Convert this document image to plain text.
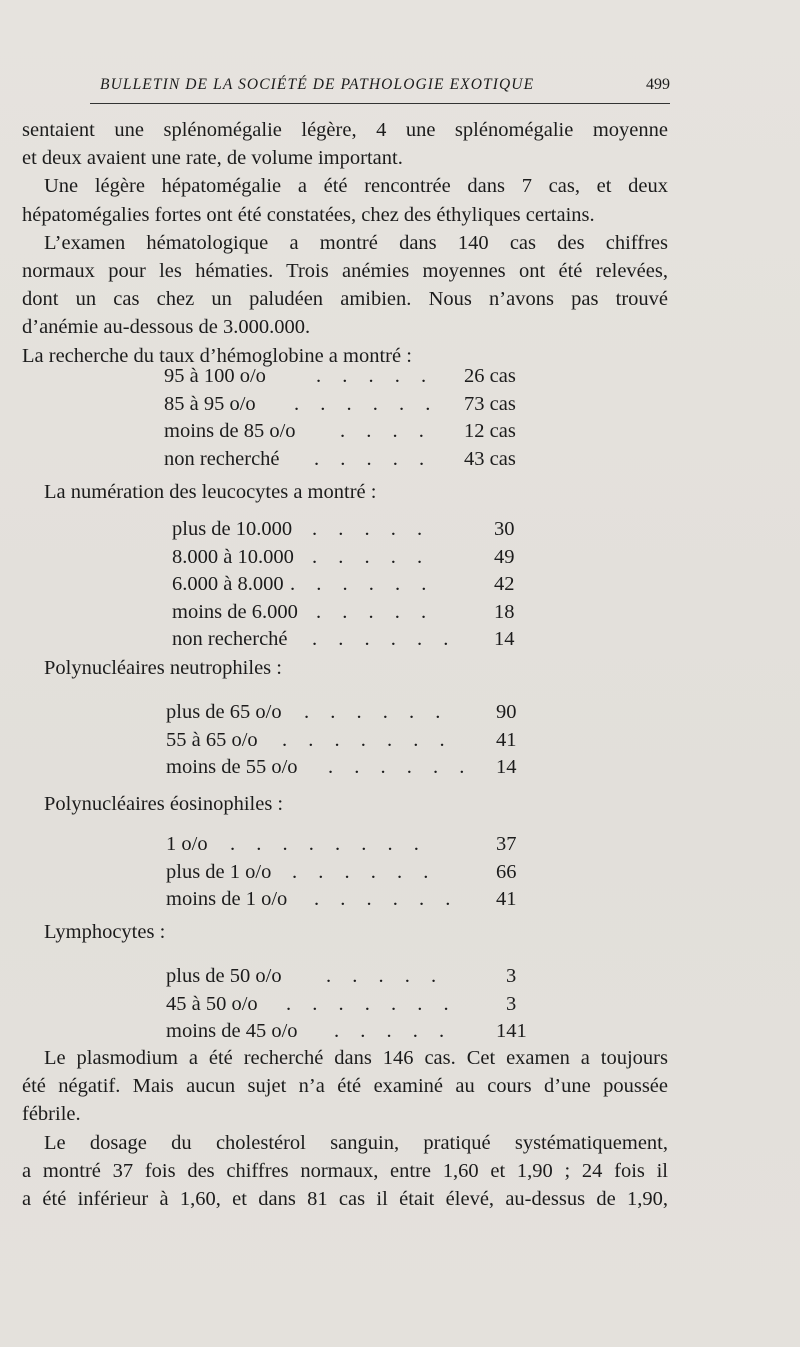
BULLETIN DE LA SOCIÉTÉ DE PATHOLOGIE EXOTIQUE	499
sentaient une splénomégalie légère, 4 une splénomégalie moyenne
et deux avaient une rate, de volume important.
Une légère hépatomégalie a été rencontrée dans 7 cas, et deux
hépatomégalies fortes ont été constatées, chez des éthyliques certains.
L’examen hématologique a montré dans 140 cas des chiffres
normaux pour les hématies. Trois anémies moyennes ont été relevées,
dont un cas chez un paludéen amibien. Nous n’avons pas trouvé
d’anémie au-dessous de 3.000.000.
La recherche du taux d’hémoglobine a montré :
95 à 100 o/o . . . . . 26 cas
85 à 95 o/o . . . . . . 73 cas
moins de 85 o/o . . . . 12 cas
non recherché . . . . . 43 cas
La numération des leucocytes a montré :
plus de 10.000 . . . . .	30
8.000 à 10.000 . . . . .	49
6.000 à 8.000 . . . . . .	42
moins de 6.000 . . . . .	18
non recherché . . . . . . 14
Polynucléaires neutrophiles :
plus de 65 o/o . . . . . . 90
55 à 65 o/o . . . . . . . 41
moins de 55 o/o . . . . . . 14
Polynucléaires éosinophiles :
1 o/o . . . . . . . .	37
plus de 1 o/o . . . . . .	66
moins de 1 o/o . . . . . . 41
Lymphocytes :
plus de 50 o/o . . . . .	3
45 à 50 o/o . . . . . . . 3
moins de 45 o/o . . . . . 141
Le plasmodium a été recherché dans 146 cas. Cet examen a toujours
été négatif. Mais aucun sujet n’a été examiné au cours d’une poussée
fébrile.
Le dosage du cholestérol sanguin, pratiqué systématiquement,
a montré 37 fois des chiffres normaux, entre 1,60 et 1,90 ; 24 fois il
a été inférieur à 1,60, et dans 81 cas il était élevé, au-dessus de 1,90,
